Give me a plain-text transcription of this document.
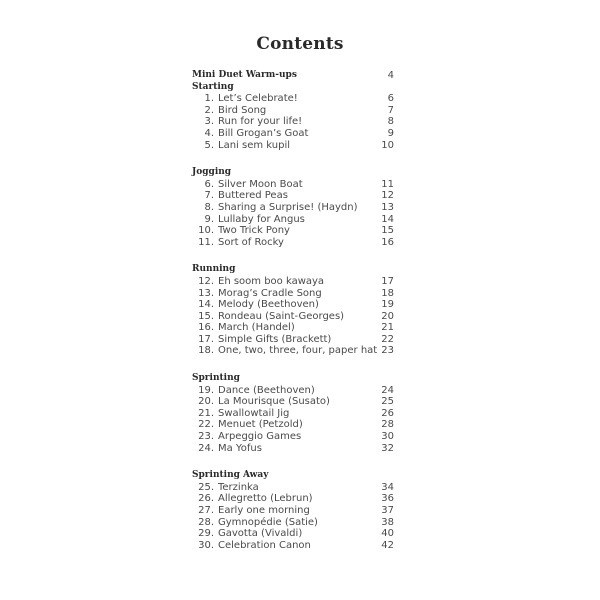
Contents
Mini Duet Warm-ups	4
Starting
1. Let’s Celebrate!	6
2. Bird Song	7
3. Run for your life!	8
4. Bill Grogan’s Goat	9
5. Lani sem kupil	10
Jogging
6. Silver Moon Boat	11
7. Buttered Peas	12
8. Sharing a Surprise! (Haydn) 13
9. Lullaby for Angus	14
10. Two Trick Pony	15
11. Sort of Rocky	16
Running
12. Eh soom boo kawaya	17
13. Morag’s Cradle Song	18
14. Melody (Beethoven)	19
15. Rondeau (Saint-Georges)	20
16. March (Handel)	21
17. Simple Gifts (Brackett)	22
18. One, two, three, four, paper hat 23
Sprinting
19. Dance (Beethoven)	24
20. La Mourisque (Susato)	25
21. Swallowtail Jig	26
22. Menuet (Petzold)	28
23. Arpeggio Games	30
24. Ma Yofus	32
Sprinting Away
25. Terzinka	34
26. Allegretto (Lebrun)	36
27. Early one morning	37
28. Gymnopédie (Satie)	38
29. Gavotta (Vivaldi)	40
30. Celebration Canon	42
